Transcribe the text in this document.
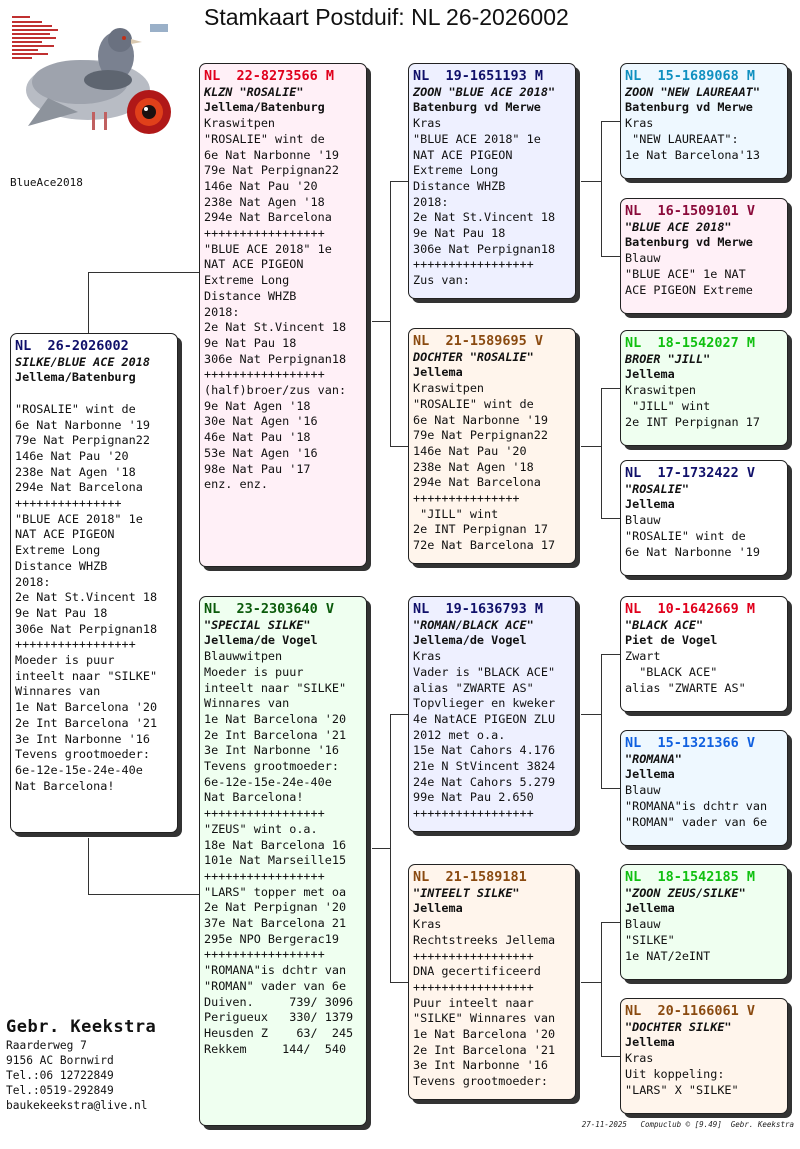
Stamkaart Postduif: NL 26-2026002
BlueAce2018
NL  26-2026002
SILKE/BLUE ACE 2018
Jellema/Batenburg

"ROSALIE" wint de
6e Nat Narbonne '19
79e Nat Perpignan22
146e Nat Pau '20
238e Nat Agen '18
294e Nat Barcelona
+++++++++++++++
"BLUE ACE 2018" 1e
NAT ACE PIGEON
Extreme Long
Distance WHZB
2018:
2e Nat St.Vincent 18
9e Nat Pau 18
306e Nat Perpignan18
+++++++++++++++++
Moeder is puur
inteelt naar "SILKE"
Winnares van
1e Nat Barcelona '20
2e Int Barcelona '21
3e Int Narbonne '16
Tevens grootmoeder:
6e-12e-15e-24e-40e
Nat Barcelona!
NL  22-8273566 M
KLZN "ROSALIE"
Jellema/Batenburg
Kraswitpen
"ROSALIE" wint de
6e Nat Narbonne '19
79e Nat Perpignan22
146e Nat Pau '20
238e Nat Agen '18
294e Nat Barcelona
+++++++++++++++++
"BLUE ACE 2018" 1e
NAT ACE PIGEON
Extreme Long
Distance WHZB
2018:
2e Nat St.Vincent 18
9e Nat Pau 18
306e Nat Perpignan18
+++++++++++++++++
(half)broer/zus van:
9e Nat Agen '18
30e Nat Agen '16
46e Nat Pau '18
53e Nat Agen '16
98e Nat Pau '17
enz. enz.
NL  23-2303640 V
"SPECIAL SILKE"
Jellema/de Vogel
Blauwwitpen
Moeder is puur
inteelt naar "SILKE"
Winnares van
1e Nat Barcelona '20
2e Int Barcelona '21
3e Int Narbonne '16
Tevens grootmoeder:
6e-12e-15e-24e-40e
Nat Barcelona!
+++++++++++++++++
"ZEUS" wint o.a.
18e Nat Barcelona 16
101e Nat Marseille15
+++++++++++++++++
"LARS" topper met oa
2e Nat Perpignan '20
37e Nat Barcelona 21
295e NPO Bergerac19
+++++++++++++++++
"ROMANA"is dchtr van
"ROMAN" vader van 6e
Duiven.     739/ 3096
Perigueux   330/ 1379
Heusden Z    63/  245
Rekkem     144/  540
NL  19-1651193 M
ZOON "BLUE ACE 2018"
Batenburg vd Merwe
Kras
"BLUE ACE 2018" 1e
NAT ACE PIGEON
Extreme Long
Distance WHZB
2018:
2e Nat St.Vincent 18
9e Nat Pau 18
306e Nat Perpignan18
+++++++++++++++++
Zus van:
NL  21-1589695 V
DOCHTER "ROSALIE"
Jellema
Kraswitpen
"ROSALIE" wint de
6e Nat Narbonne '19
79e Nat Perpignan22
146e Nat Pau '20
238e Nat Agen '18
294e Nat Barcelona
+++++++++++++++
"JILL" wint
2e INT Perpignan 17
72e Nat Barcelona 17
NL  19-1636793 M
"ROMAN/BLACK ACE"
Jellema/de Vogel
Kras
Vader is "BLACK ACE"
alias "ZWARTE AS"
Topvlieger en kweker
4e NatACE PIGEON ZLU
2012 met o.a.
15e Nat Cahors 4.176
21e N StVincent 3824
24e Nat Cahors 5.279
99e Nat Pau 2.650
+++++++++++++++++
NL  21-1589181
"INTEELT SILKE"
Jellema
Kras
Rechtstreeks Jellema
+++++++++++++++++
DNA gecertificeerd
+++++++++++++++++
Puur inteelt naar
"SILKE" Winnares van
1e Nat Barcelona '20
2e Int Barcelona '21
3e Int Narbonne '16
Tevens grootmoeder:
NL  15-1689068 M
ZOON "NEW LAUREAAT"
Batenburg vd Merwe
Kras
"NEW LAUREAAT":
1e Nat Barcelona'13
NL  16-1509101 V
"BLUE ACE 2018"
Batenburg vd Merwe
Blauw
"BLUE ACE" 1e NAT
ACE PIGEON Extreme
NL  18-1542027 M
BROER "JILL"
Jellema
Kraswitpen
"JILL" wint
2e INT Perpignan 17
NL  17-1732422 V
"ROSALIE"
Jellema
Blauw
"ROSALIE" wint de
6e Nat Narbonne '19
NL  10-1642669 M
"BLACK ACE"
Piet de Vogel
Zwart
"BLACK ACE"
alias "ZWARTE AS"
NL  15-1321366 V
"ROMANA"
Jellema
Blauw
"ROMANA"is dchtr van
"ROMAN" vader van 6e
NL  18-1542185 M
"ZOON ZEUS/SILKE"
Jellema
Blauw
"SILKE"
1e NAT/2eINT
NL  20-1166061 V
"DOCHTER SILKE"
Jellema
Kras
Uit koppeling:
"LARS" X "SILKE"
Gebr. Keekstra
Raarderweg 7
9156 AC Bornwird
Tel.:06 12722849
Tel.:0519-292849
baukekeekstra@live.nl
27-11-2025   Compuclub © [9.49]  Gebr. Keekstra
